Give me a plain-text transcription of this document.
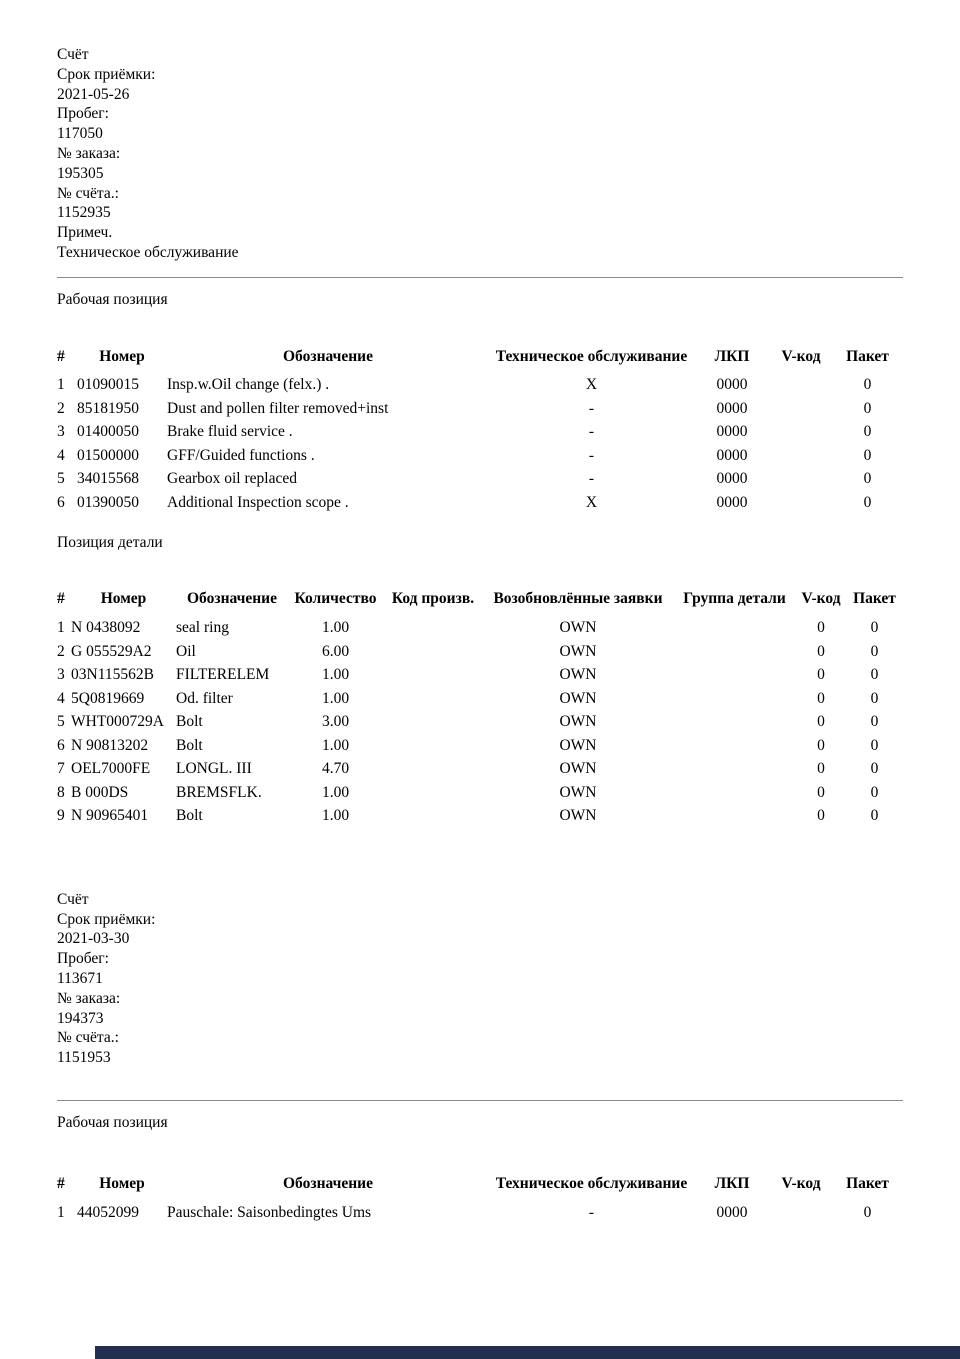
Счёт
Срок приёмки:
2021-05-26
Пробег:
117050
№ заказа:
195305
№ счёта.:
1152935
Примеч.
Техническое обслуживание
Рабочая позиция
#	Номер	Обозначение	Техническое обслуживание	ЛКП	V-код	Пакет
1	01090015	Insp.w.Oil change (felx.) .	X	0000		0
2	85181950	Dust and pollen filter removed+inst	-	0000		0
3	01400050	Brake fluid service .	-	0000		0
4	01500000	GFF/Guided functions .	-	0000		0
5	34015568	Gearbox oil replaced	-	0000		0
6	01390050	Additional Inspection scope .	X	0000		0
Позиция детали
#	Номер	Обозначение	Количество	Код произв.	Возобновлённые заявки	Группа детали	V-код	Пакет
1	N 0438092	seal ring	1.00		OWN		0	0
2	G 055529A2	Oil	6.00		OWN		0	0
3	03N115562B	FILTERELEM	1.00		OWN		0	0
4	5Q0819669	Od. filter	1.00		OWN		0	0
5	WHT000729A	Bolt	3.00		OWN		0	0
6	N 90813202	Bolt	1.00		OWN		0	0
7	OEL7000FE	LONGL. III	4.70		OWN		0	0
8	B 000DS	BREMSFLK.	1.00		OWN		0	0
9	N 90965401	Bolt	1.00		OWN		0	0
Счёт
Срок приёмки:
2021-03-30
Пробег:
113671
№ заказа:
194373
№ счёта.:
1151953
Рабочая позиция
#	Номер	Обозначение	Техническое обслуживание	ЛКП	V-код	Пакет
1	44052099	Pauschale: Saisonbedingtes Ums	-	0000		0
